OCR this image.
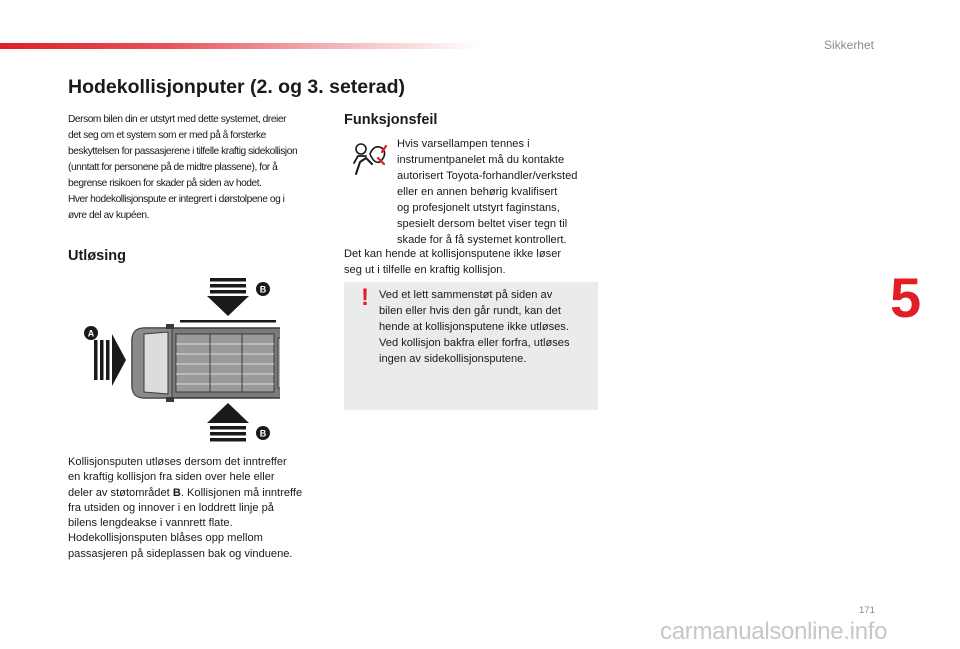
Sikkerhet
5
Hodekollisjonputer (2. og 3. seterad)

Dersom bilen din er utstyrt med dette systemet, dreier

det seg om et system som er med på å forsterke

beskyttelsen for passasjerene i tilfelle kraftig sidekollisjon

(unntatt for personene på de midtre plassene), for å

begrense risikoen for skader på siden av hodet.

Hver hodekollisjonspute er integrert i dørstolpene og i

øvre del av kupéen.

Utløsing
B
A
B

Kollisjonsputen utløses dersom det inntreffer

en kraftig kollisjon fra siden over hele eller

deler av støtområdet B. Kollisjonen må inntreffe

fra utsiden og innover i en loddrett linje på

bilens lengdeakse i vannrett flate.

Hodekollisjonsputen blåses opp mellom

passasjeren på sideplassen bak og vinduene.

Funksjonsfeil

Hvis varsellampen tennes i

instrumentpanelet må du kontakte

autorisert Toyota-forhandler/verksted

eller en annen behørig kvalifisert

og profesjonelt utstyrt faginstans,

spesielt dersom beltet viser tegn til

skade for å få systemet kontrollert.

Det kan hende at kollisjonsputene ikke løser

seg ut i tilfelle en kraftig kollisjon.

! Ved et lett sammenstøt på siden av

bilen eller hvis den går rundt, kan det

hende at kollisjonsputene ikke utløses.

Ved kollisjon bakfra eller forfra, utløses

ingen av sidekollisjonsputene.

171
carmanualsonline.info
